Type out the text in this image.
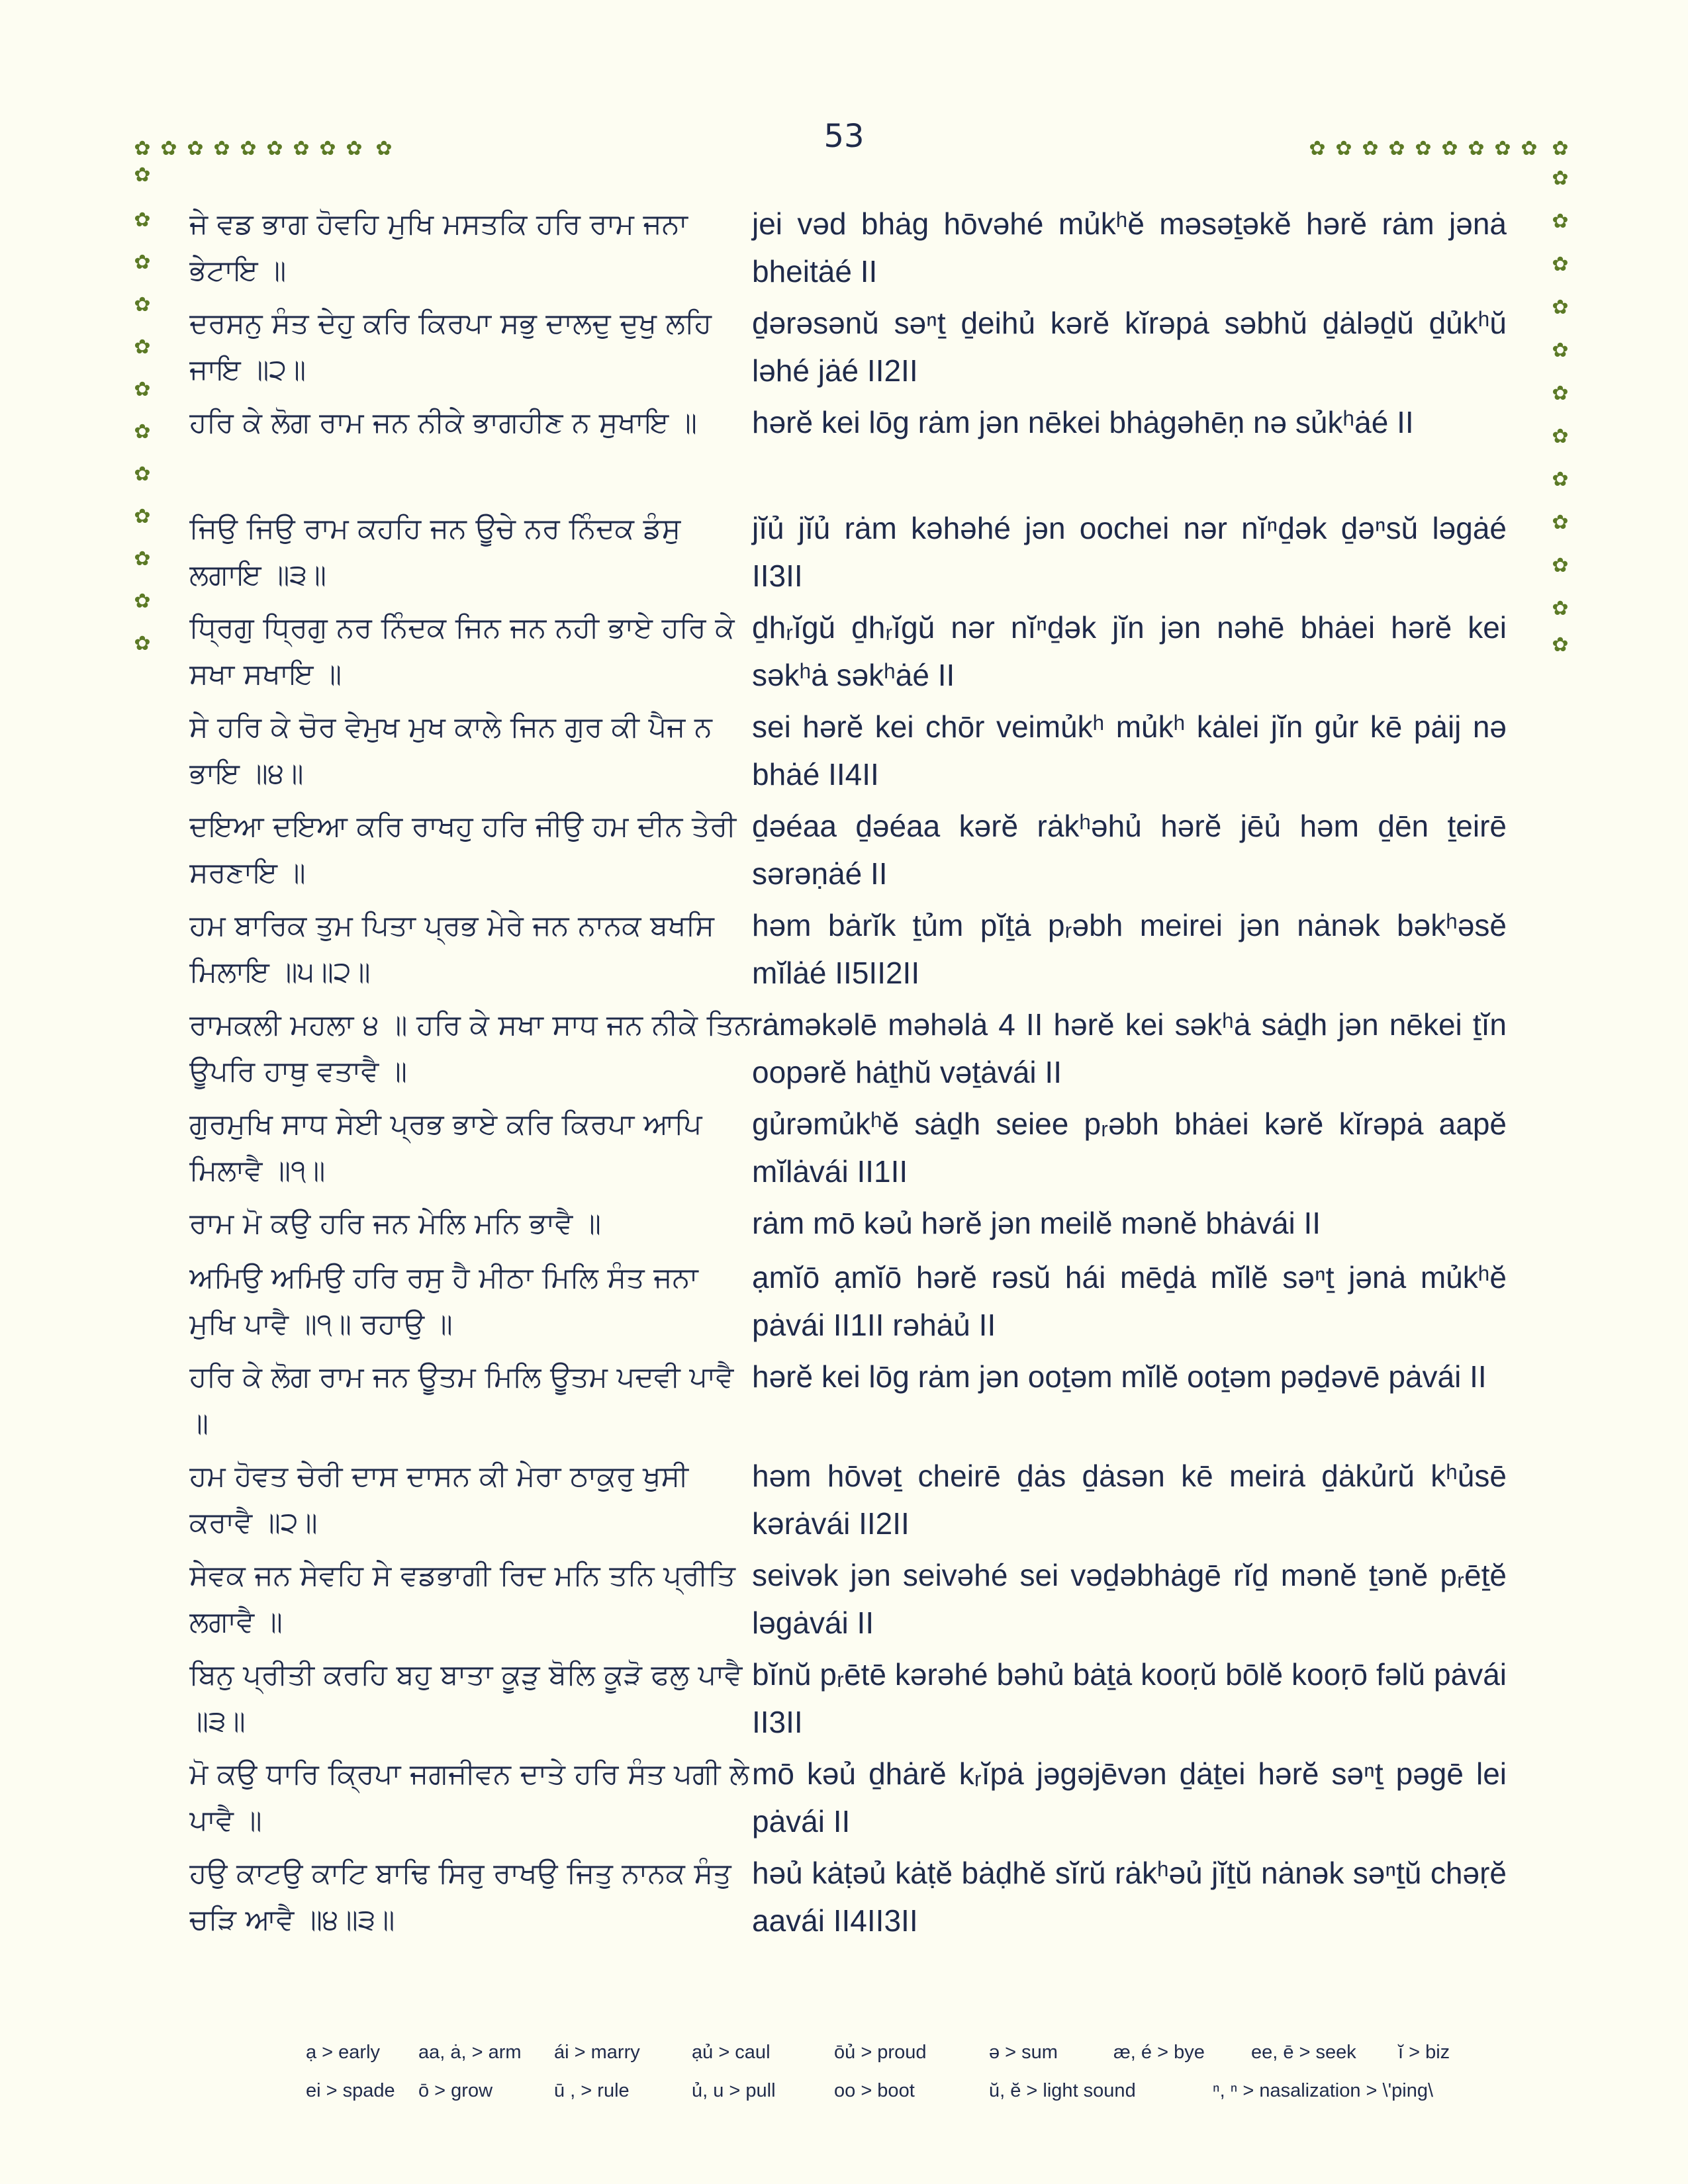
53
✿ ✿ ✿ ✿ ✿ ✿ ✿ ✿ ✿ ✿
✿
✿
✿
✿
✿
✿
✿
✿
✿
✿
✿
✿
✿ ✿ ✿ ✿ ✿ ✿ ✿ ✿ ✿ ✿
✿
✿
✿
✿
✿
✿
✿
✿
✿
✿
✿
✿
ਜੇ ਵਡ ਭਾਗ ਹੋਵਹਿ ਮੁਖਿ ਮਸਤਕਿ ਹਰਿ ਰਾਮ ਜਨਾ ਭੇਟਾਇ ॥
jei vəd bhȧg hōvəhé mủkʰĕ məsəṯəkĕ hərĕ rȧm jənȧ bheitȧé II
ਦਰਸਨੁ ਸੰਤ ਦੇਹੁ ਕਰਿ ਕਿਰਪਾ ਸਭੁ ਦਾਲਦੁ ਦੁਖੁ ਲਹਿ ਜਾਇ ॥੨॥
ḏərəsənŭ səⁿṯ ḏeihủ kərĕ kĭrəpȧ səbhŭ ḏȧləḏŭ ḏủkʰŭ ləhé jȧé II2II
ਹਰਿ ਕੇ ਲੋਗ ਰਾਮ ਜਨ ਨੀਕੇ ਭਾਗਹੀਣ ਨ ਸੁਖਾਇ ॥	hərĕ kei lōg rȧm jən nēkei bhȧgəhēṇ nə sủkʰȧé II
ਜਿਉ ਜਿਉ ਰਾਮ ਕਹਹਿ ਜਨ ਊਚੇ ਨਰ ਨਿੰਦਕ ਡੰਸੁ ਲਗਾਇ ॥੩॥
jĭủ jĭủ rȧm kəhəhé jən oochei nər nĭⁿḏək ḏəⁿsŭ ləgȧé II3II
ਧ੍ਰਿਗੁ ਧ੍ਰਿਗੁ ਨਰ ਨਿੰਦਕ ਜਿਨ ਜਨ ਨਹੀ ਭਾਏ ਹਰਿ ਕੇ ਸਖਾ ਸਖਾਇ ॥
ḏhᵣĭgŭ ḏhᵣĭgŭ nər nĭⁿḏək jĭn jən nəhē bhȧei hərĕ kei səkʰȧ səkʰȧé II
ਸੇ ਹਰਿ ਕੇ ਚੋਰ ਵੇਮੁਖ ਮੁਖ ਕਾਲੇ ਜਿਨ ਗੁਰ ਕੀ ਪੈਜ ਨ ਭਾਇ ॥੪॥
sei hərĕ kei chōr veimủkʰ mủkʰ kȧlei jĭn gủr kē pȧij nə bhȧé II4II
ਦਇਆ ਦਇਆ ਕਰਿ ਰਾਖਹੁ ਹਰਿ ਜੀਉ ਹਮ ਦੀਨ ਤੇਰੀ ਸਰਣਾਇ ॥
ḏəéaa ḏəéaa kərĕ rȧkʰəhủ hərĕ jēủ həm ḏēn ṯeirē sərəṇȧé II
ਹਮ ਬਾਰਿਕ ਤੁਮ ਪਿਤਾ ਪ੍ਰਭ ਮੇਰੇ ਜਨ ਨਾਨਕ ਬਖਸਿ ਮਿਲਾਇ ॥੫॥੨॥
həm bȧrĭk ṯủm pĭṯȧ pᵣəbh meirei jən nȧnək bəkʰəsĕ mĭlȧé II5II2II
ਰਾਮਕਲੀ ਮਹਲਾ ੪ ॥ ਹਰਿ ਕੇ ਸਖਾ ਸਾਧ ਜਨ ਨੀਕੇ ਤਿਨ ਊਪਰਿ ਹਾਥੁ ਵਤਾਵੈ ॥
rȧməkəlē məhəlȧ 4 II hərĕ kei səkʰȧ sȧḏh jən nēkei ṯĭn oopərĕ hȧṯhŭ vəṯȧvái II
ਗੁਰਮੁਖਿ ਸਾਧ ਸੇਈ ਪ੍ਰਭ ਭਾਏ ਕਰਿ ਕਿਰਪਾ ਆਪਿ ਮਿਲਾਵੈ ॥੧॥
gủrəmủkʰĕ sȧḏh seiee pᵣəbh bhȧei kərĕ kĭrəpȧ aapĕ mĭlȧvái II1II
ਰਾਮ ਮੋ ਕਉ ਹਰਿ ਜਨ ਮੇਲਿ ਮਨਿ ਭਾਵੈ ॥	rȧm mō kəủ hərĕ jən meilĕ mənĕ bhȧvái II
ਅਮਿਉ ਅਮਿਉ ਹਰਿ ਰਸੁ ਹੈ ਮੀਠਾ ਮਿਲਿ ਸੰਤ ਜਨਾ ਮੁਖਿ ਪਾਵੈ ॥੧॥ ਰਹਾਉ ॥
ạmĭō ạmĭō hərĕ rəsŭ hái mēḏȧ mĭlĕ səⁿṯ jənȧ mủkʰĕ pȧvái II1II rəhȧủ II
ਹਰਿ ਕੇ ਲੋਗ ਰਾਮ ਜਨ ਊਤਮ ਮਿਲਿ ਊਤਮ ਪਦਵੀ ਪਾਵੈ ॥
hərĕ kei lōg rȧm jən ooṯəm mĭlĕ ooṯəm pəḏəvē pȧvái II
ਹਮ ਹੋਵਤ ਚੇਰੀ ਦਾਸ ਦਾਸਨ ਕੀ ਮੇਰਾ ਠਾਕੁਰੁ ਖੁਸੀ ਕਰਾਵੈ ॥੨॥
həm hōvəṯ cheirē ḏȧs ḏȧsən kē meirȧ ḏȧkủrŭ kʰủsē kərȧvái II2II
ਸੇਵਕ ਜਨ ਸੇਵਹਿ ਸੇ ਵਡਭਾਗੀ ਰਿਦ ਮਨਿ ਤਨਿ ਪ੍ਰੀਤਿ ਲਗਾਵੈ ॥
seivək jən seivəhé sei vəḏəbhȧgē rĭḏ mənĕ ṯənĕ pᵣēṯĕ ləgȧvái II
ਬਿਨੁ ਪ੍ਰੀਤੀ ਕਰਹਿ ਬਹੁ ਬਾਤਾ ਕੂੜੁ ਬੋਲਿ ਕੂੜੋ ਫਲੁ ਪਾਵੈ ॥੩॥
bĭnŭ pᵣētē kərəhé bəhủ bȧṯȧ kooṛŭ bōlĕ kooṛō fəlŭ pȧvái II3II
ਮੋ ਕਉ ਧਾਰਿ ਕ੍ਰਿਪਾ ਜਗਜੀਵਨ ਦਾਤੇ ਹਰਿ ਸੰਤ ਪਗੀ ਲੇ ਪਾਵੈ ॥
mō kəủ ḏhȧrĕ kᵣĭpȧ jəgəjēvən ḏȧṯei hərĕ səⁿṯ pəgē lei pȧvái II
ਹਉ ਕਾਟਉ ਕਾਟਿ ਬਾਢਿ ਸਿਰੁ ਰਾਖਉ ਜਿਤੁ ਨਾਨਕ ਸੰਤੁ ਚੜਿ ਆਵੈ ॥੪॥੩॥
həủ kȧṭəủ kȧṭĕ bȧḍhĕ sĭrŭ rȧkʰəủ jĭṯŭ nȧnək səⁿṯŭ chəṛĕ aavái II4II3II
ạ > early aa, ȧ, > arm ái > marry	ạủ > caul	ōủ > proud	ə > sum	æ, é > bye ee, ē > seek ĭ > biz
ei > spade ō > grow	ū , > rule	ủ, u > pull	oo > boot	ŭ, ĕ > light sound	ⁿ, ⁿ > nasalization > \'ping\
